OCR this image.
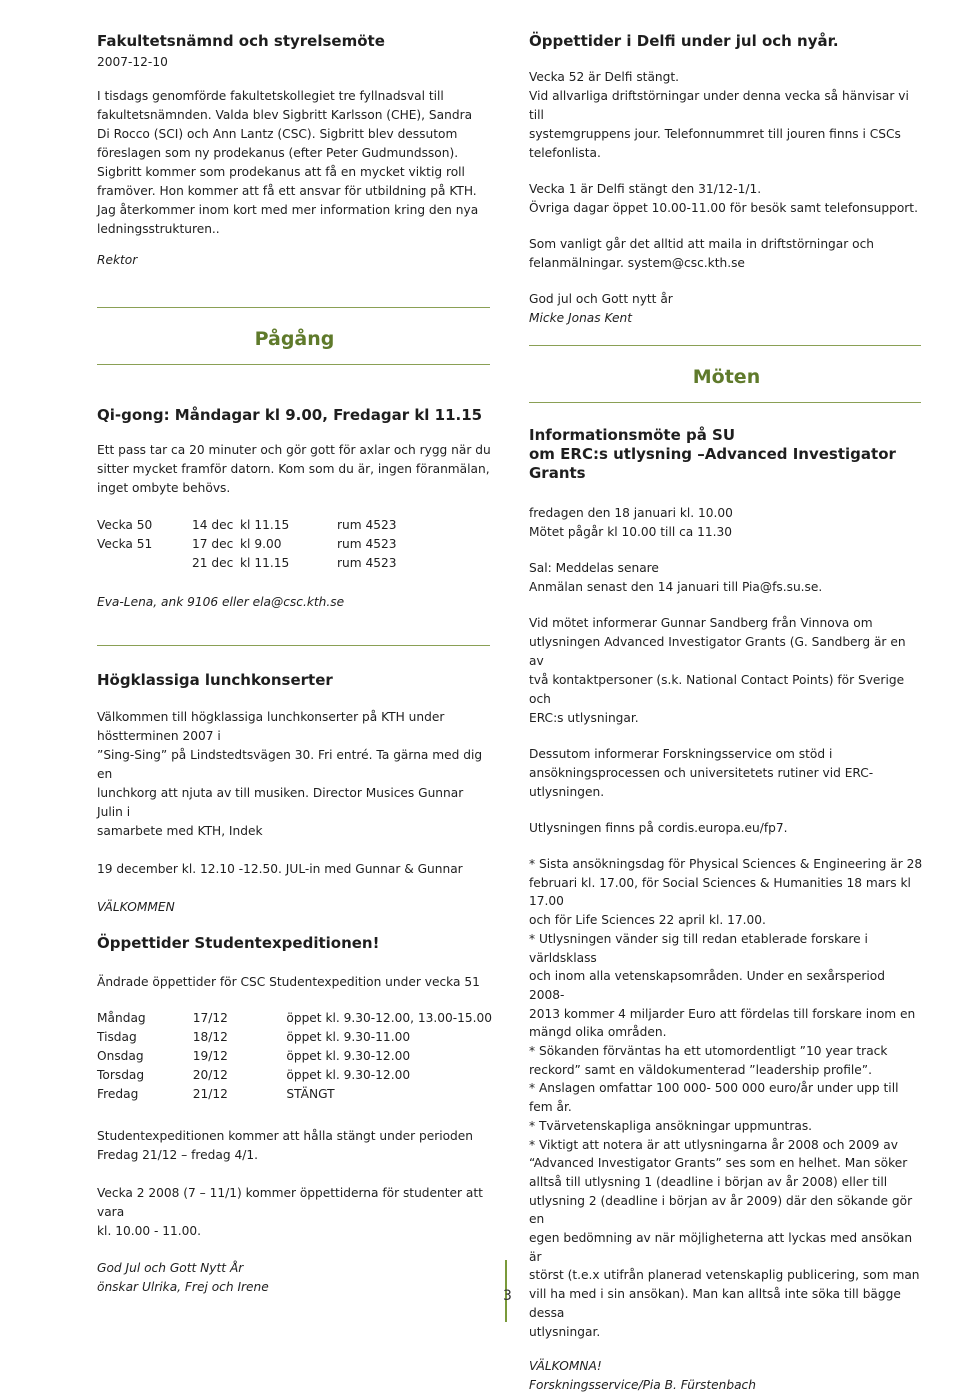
Fakultetsnämnd och styrelsemöte

2007-12-10

I tisdags genomförde fakultetskollegiet tre fyllnadsval till

fakultetsnämnden. Valda blev Sigbritt Karlsson (CHE), Sandra

Di Rocco (SCI) och Ann Lantz (CSC). Sigbritt blev dessutom

föreslagen som ny prodekanus (efter Peter Gudmundsson).

Sigbritt kommer som prodekanus att få en mycket viktig roll

framöver. Hon kommer att få ett ansvar för utbildning på KTH.

Jag återkommer inom kort med mer information kring den nya

ledningsstrukturen..

Rektor

Pågång
Qi-gong: Måndagar kl 9.00, Fredagar kl 11.15

Ett pass tar ca 20 minuter och gör gott för axlar och rygg när du

sitter mycket framför datorn. Kom som du är, ingen föranmälan,

inget ombyte behövs.

Vecka 50	14 dec	kl 11.15	rum 4523
Vecka 51	17 dec	kl 9.00	rum 4523
	21 dec	kl 11.15	rum 4523

Eva-Lena, ank 9106 eller ela@csc.kth.se

Högklassiga lunchkonserter

Välkommen till högklassiga lunchkonserter på KTH under

höstterminen 2007 i

”Sing-Sing” på Lindstedtsvägen 30. Fri entré. Ta gärna med dig en

lunchkorg att njuta av till musiken. Director Musices Gunnar Julin i

samarbete med KTH, Indek

19 december kl. 12.10 -12.50. JUL-in med Gunnar & Gunnar

VÄLKOMMEN

Öppettider Studentexpeditionen!

Ändrade öppettider för CSC Studentexpedition under vecka 51

Måndag	17/12	öppet kl. 9.30-12.00, 13.00-15.00
Tisdag	18/12	öppet kl. 9.30-11.00
Onsdag	19/12	öppet kl. 9.30-12.00
Torsdag	20/12	öppet kl. 9.30-12.00
Fredag	21/12	STÄNGT

Studentexpeditionen kommer att hålla stängt under perioden

Fredag 21/12 – fredag 4/1.

Vecka 2 2008 (7 – 11/1) kommer öppettiderna för studenter att vara

kl. 10.00 - 11.00.

God Jul och Gott Nytt År

önskar Ulrika, Frej och Irene

Öppettider i Delfi under jul och nyår.

Vecka 52 är Delfi stängt.

Vid allvarliga driftstörningar under denna vecka så hänvisar vi till

systemgruppens jour. Telefonnummret till jouren finns i CSCs

telefonlista.

Vecka 1 är Delfi stängt den 31/12-1/1.

Övriga dagar öppet 10.00-11.00 för besök samt telefonsupport.

Som vanligt går det alltid att maila in driftstörningar och

felanmälningar. system@csc.kth.se

God jul och Gott nytt år

Micke Jonas Kent

Möten
Informationsmöte på SU
om ERC:s utlysning –Advanced Investigator Grants

fredagen den 18 januari kl. 10.00

Mötet pågår kl 10.00 till ca 11.30

Sal: Meddelas senare

Anmälan senast den 14 januari till Pia@fs.su.se.

Vid mötet informerar Gunnar Sandberg från Vinnova om

utlysningen Advanced Investigator Grants (G. Sandberg är en av

två kontaktpersoner (s.k. National Contact Points) för Sverige och

ERC:s utlysningar.

Dessutom informerar Forskningsservice om stöd i

ansökningsprocessen och universitetets rutiner vid ERC-

utlysningen.

Utlysningen finns på cordis.europa.eu/fp7.

* Sista ansökningsdag för Physical Sciences & Engineering är 28

februari kl. 17.00, för Social Sciences & Humanities 18 mars kl 17.00

och för Life Sciences 22 april kl. 17.00.

* Utlysningen vänder sig till redan etablerade forskare i världsklass

och inom alla vetenskapsområden. Under en sexårsperiod 2008-

2013 kommer 4 miljarder Euro att fördelas till forskare inom en

mängd olika områden.

* Sökanden förväntas ha ett utomordentligt ”10 year track

reckord” samt en väldokumenterad ”leadership profile”.

* Anslagen omfattar 100 000- 500 000 euro/år under upp till fem år.

* Tvärvetenskapliga ansökningar uppmuntras.

* Viktigt att notera är att utlysningarna år 2008 och 2009 av

“Advanced Investigator Grants” ses som en helhet. Man söker

alltså till utlysning 1 (deadline i början av år 2008) eller till

utlysning 2 (deadline i början av år 2009) där den sökande gör en

egen bedömning av när möjligheterna att lyckas med ansökan är

störst (t.e.x utifrån planerad vetenskaplig publicering, som man

vill ha med i sin ansökan). Man kan alltså inte söka till bägge dessa

utlysningar.

VÄLKOMNA!

Forskningsservice/Pia B. Fürstenbach

3
